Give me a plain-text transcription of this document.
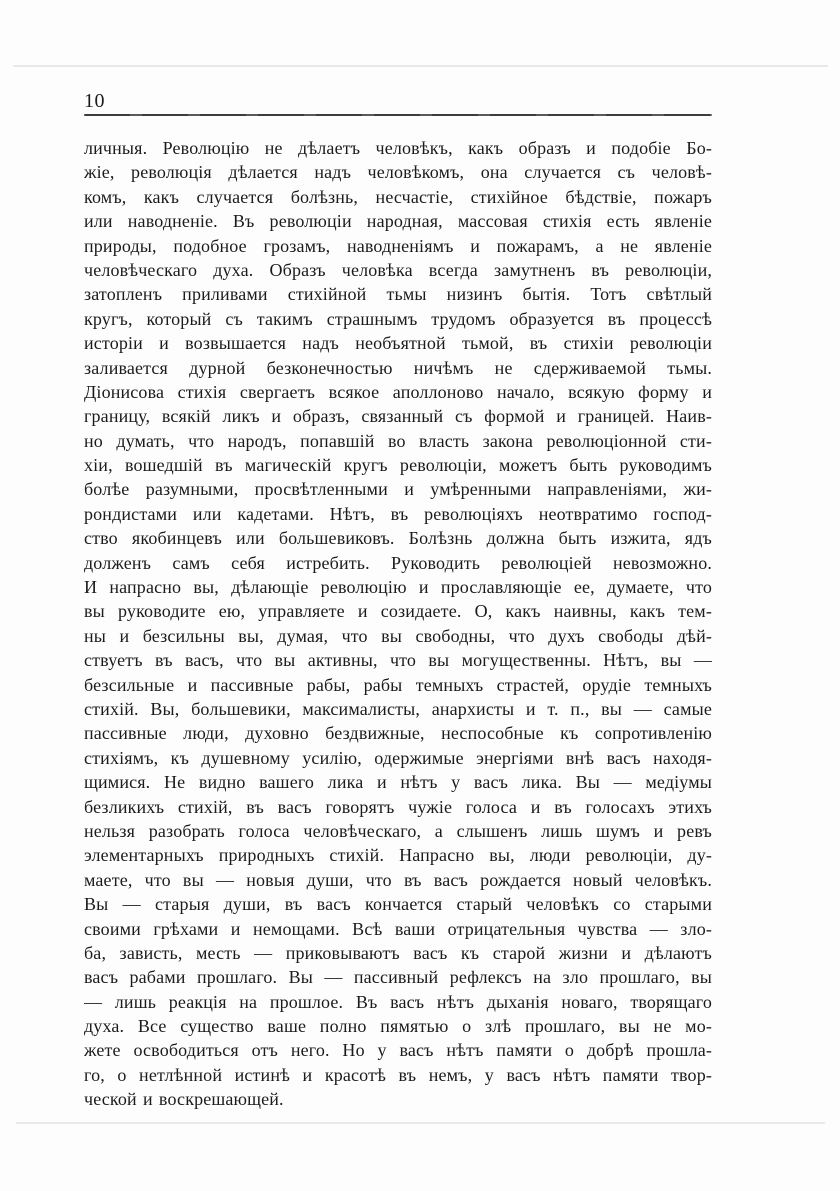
10
личныя. Революцію не дѣлаетъ человѣкъ, какъ образъ и подобіе Бо-
жіе, революція дѣлается надъ человѣкомъ, она случается съ человѣ-
комъ, какъ случается болѣзнь, несчастіе, стихійное бѣдствіе, пожаръ
или наводненіе. Въ революціи народная, массовая стихія есть явленіе
природы, подобное грозамъ, наводненіямъ и пожарамъ, а не явленіе
человѣческаго духа. Образъ человѣка всегда замутненъ въ революціи,
затопленъ приливами стихійной тьмы низинъ бытія. Тотъ свѣтлый
кругъ, который съ такимъ страшнымъ трудомъ образуется въ процессѣ
исторіи и возвышается надъ необъятной тьмой, въ стихіи революціи
заливается дурной безконечностью ничѣмъ не сдерживаемой тьмы.
Діонисова стихія свергаетъ всякое аполлоново начало, всякую форму и
границу, всякій ликъ и образъ, связанный съ формой и границей. Наив-
но думать, что народъ, попавшій во власть закона революціонной сти-
хіи, вошедшій въ магическій кругъ революціи, можетъ быть руководимъ
болѣе разумными, просвѣтленными и умѣренными направленіями, жи-
рондистами или кадетами. Нѣтъ, въ революціяхъ неотвратимо господ-
ство якобинцевъ или большевиковъ. Болѣзнь должна быть изжита, ядъ
долженъ самъ себя истребить. Руководить революціей невозможно.
И напрасно вы, дѣлающіе революцію и прославляющіе ее, думаете, что
вы руководите ею, управляете и созидаете. О, какъ наивны, какъ тем-
ны и безсильны вы, думая, что вы свободны, что духъ свободы дѣй-
ствуетъ въ васъ, что вы активны, что вы могущественны. Нѣтъ, вы —
безсильные и пассивные рабы, рабы темныхъ страстей, орудіе темныхъ
стихій. Вы, большевики, максималисты, анархисты и т. п., вы — самые
пассивные люди, духовно бездвижные, неспособные къ сопротивленію
стихіямъ, къ душевному усилію, одержимые энергіями внѣ васъ находя-
щимися. Не видно вашего лика и нѣтъ у васъ лика. Вы — медіумы
безликихъ стихій, въ васъ говорятъ чужіе голоса и въ голосахъ этихъ
нельзя разобрать голоса человѣческаго, а слышенъ лишь шумъ и ревъ
элементарныхъ природныхъ стихій. Напрасно вы, люди революціи, ду-
маете, что вы — новыя души, что въ васъ рождается новый человѣкъ.
Вы — старыя души, въ васъ кончается старый человѣкъ со старыми
своими грѣхами и немощами. Всѣ ваши отрицательныя чувства — зло-
ба, зависть, месть — приковываютъ васъ къ старой жизни и дѣлаютъ
васъ рабами прошлаго. Вы — пассивный рефлексъ на зло прошлаго, вы
— лишь реакція на прошлое. Въ васъ нѣтъ дыханія новаго, творящаго
духа. Все существо ваше полно пямятью о злѣ прошлаго, вы не мо-
жете освободиться отъ него. Но у васъ нѣтъ памяти о добрѣ прошла-
го, о нетлѣнной истинѣ и красотѣ въ немъ, у васъ нѣтъ памяти твор-
ческой и воскрешающей.
